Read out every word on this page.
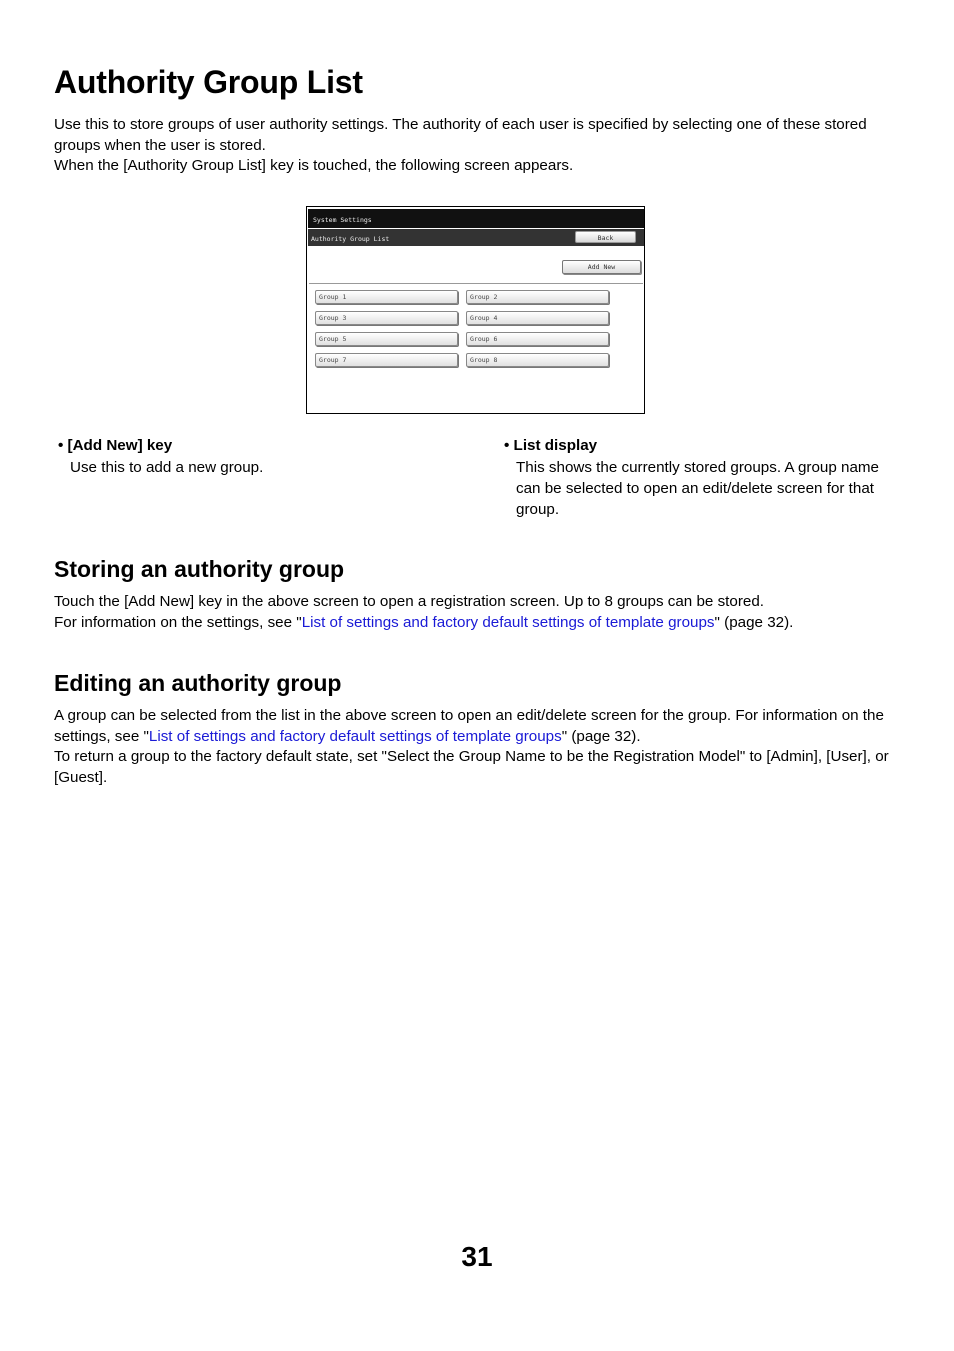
Authority Group List

Use this to store groups of user authority settings. The authority of each user is specified by selecting one of these stored groups when the user is stored.
When the [Authority Group List] key is touched, the following screen appears.

System Settings
Authority Group List	Back
Add New
Group 1	Group 2
Group 3	Group 4
Group 5	Group 6
Group 7	Group 8

• [Add New] key

Use this to add a new group.

• List display

This shows the currently stored groups. A group name can be selected to open an edit/delete screen for that group.

Storing an authority group

Touch the [Add New] key in the above screen to open a registration screen. Up to 8 groups can be stored.
For information on the settings, see "List of settings and factory default settings of template groups" (page 32).

Editing an authority group

A group can be selected from the list in the above screen to open an edit/delete screen for the group. For information on the settings, see "List of settings and factory default settings of template groups" (page 32).
To return a group to the factory default state, set "Select the Group Name to be the Registration Model" to [Admin], [User], or [Guest].

31
